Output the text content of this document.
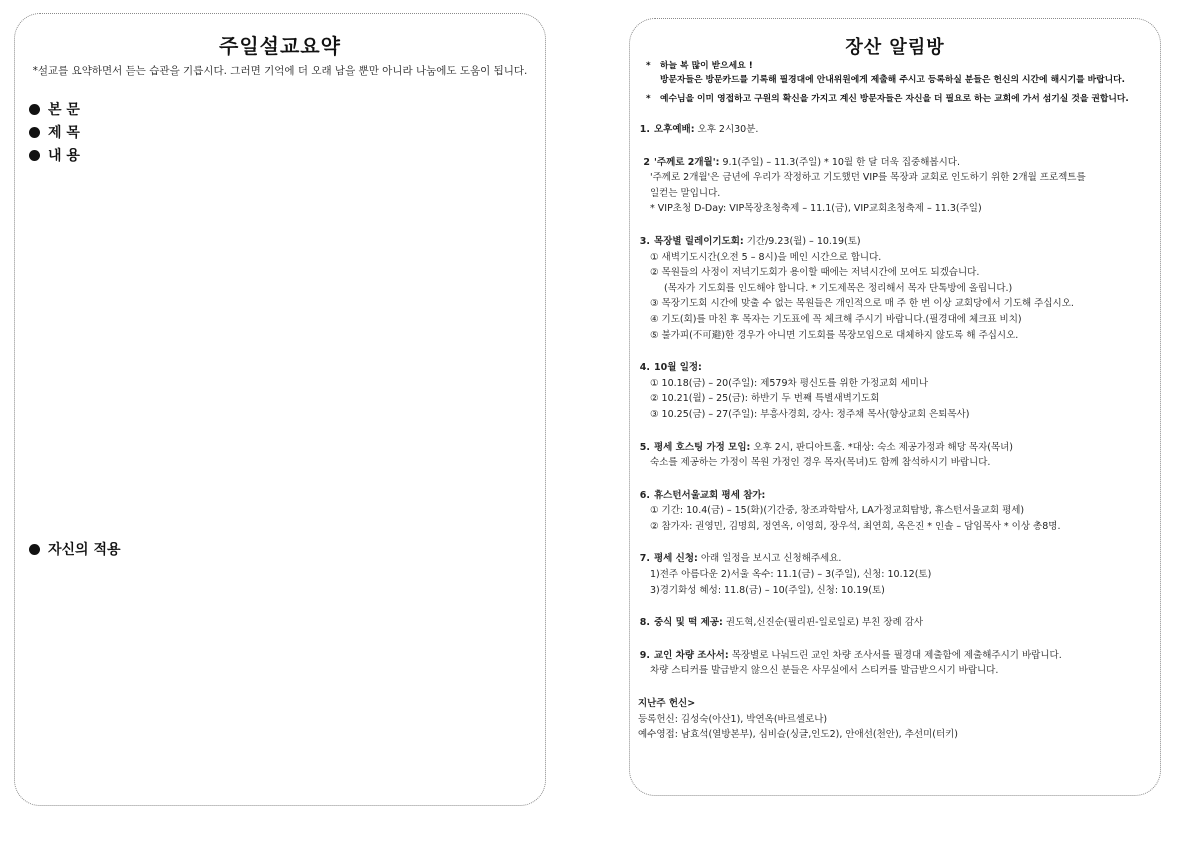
주일설교요약
*설교를 요약하면서 듣는 습관을 기릅시다. 그러면 기억에 더 오래 남을 뿐만 아니라 나눔에도 도움이 됩니다.
본 문
제 목
내 용
자신의 적용
장산 알림방
* 하늘 복 많이 받으세요 !
방문자들은 방문카드를 기록해 필경대에 안내위원에게 제출해 주시고 등록하실 분들은 헌신의 시간에 해시기를 바랍니다.
* 예수님을 이미 영접하고 구원의 확신을 가지고 계신 방문자들은 자신을 더 필요로 하는 교회에 가서 섬기실 것을 권합니다.
1. 오후예배: 오후 2시30분.
2 '주께로 2개월': 9.1(주일) – 11.3(주일) * 10월 한 달 더욱 집중해봅시다.
'주께로 2개월'은 금년에 우리가 작정하고 기도했던 VIP를 목장과 교회로 인도하기 위한 2개월 프로젝트를
일컫는 말입니다.
* VIP초청 D-Day: VIP목장초청축제 – 11.1(금), VIP교회초청축제 – 11.3(주일)
3. 목장별 릴레이기도회: 기간/9.23(월) – 10.19(토)
① 새벽기도시간(오전 5 – 8시)을 메인 시간으로 합니다.
② 목원들의 사정이 저녁기도회가 용이할 때에는 저녁시간에 모여도 되겠습니다.
(목자가 기도회를 인도해야 합니다. * 기도제목은 정리해서 목자 단톡방에 올립니다.)
③ 목장기도회 시간에 맞출 수 없는 목원들은 개인적으로 매 주 한 번 이상 교회당에서 기도해 주십시오.
④ 기도(회)를 마친 후 목자는 기도표에 꼭 체크해 주시기 바랍니다.(필경대에 체크표 비치)
⑤ 불가피(不可避)한 경우가 아니면 기도회를 목장모임으로 대체하지 않도록 해 주십시오.
4. 10월 일정:
① 10.18(금) – 20(주일): 제579차 평신도를 위한 가정교회 세미나
② 10.21(월) – 25(금): 하반기 두 번째 특별새벽기도회
③ 10.25(금) – 27(주일): 부흥사경회, 강사: 정주채 목사(향상교회 은퇴목사)
5. 평세 호스팅 가정 모임: 오후 2시, 판디아트홀. *대상: 숙소 제공가정과 해당 목자(목녀)
숙소를 제공하는 가정이 목원 가정인 경우 목자(목녀)도 함께 참석하시기 바랍니다.
6. 휴스턴서울교회 평세 참가:
① 기간: 10.4(금) – 15(화)(기간중, 창조과학탐사, LA가정교회탐방, 휴스턴서울교회 평세)
② 참가자: 권영민, 김명희, 정연옥, 이영희, 장우석, 최연희, 옥은진 * 인솔 – 담임목사 * 이상 총8명.
7. 평세 신청: 아래 일정을 보시고 신청해주세요.
1)전주 아름다운 2)서울 옥수: 11.1(금) – 3(주일), 신청: 10.12(토)
3)경기화성 혜성: 11.8(금) – 10(주일), 신청: 10.19(토)
8. 중식 및 떡 제공: 권도혁,신진순(필리핀-일로일로) 부친 장례 감사
9. 교인 차량 조사서: 목장별로 나눠드린 교인 차량 조사서를 필경대 제출함에 제출해주시기 바랍니다.
차량 스티커를 발급받지 않으신 분들은 사무실에서 스티커를 발급받으시기 바랍니다.
지난주 헌신>
등록헌신: 김성숙(아산1), 박연옥(바르셀로나)
예수영접: 남효석(열방본부), 심비슬(싱글,인도2), 안애선(천안), 추선미(터키)
